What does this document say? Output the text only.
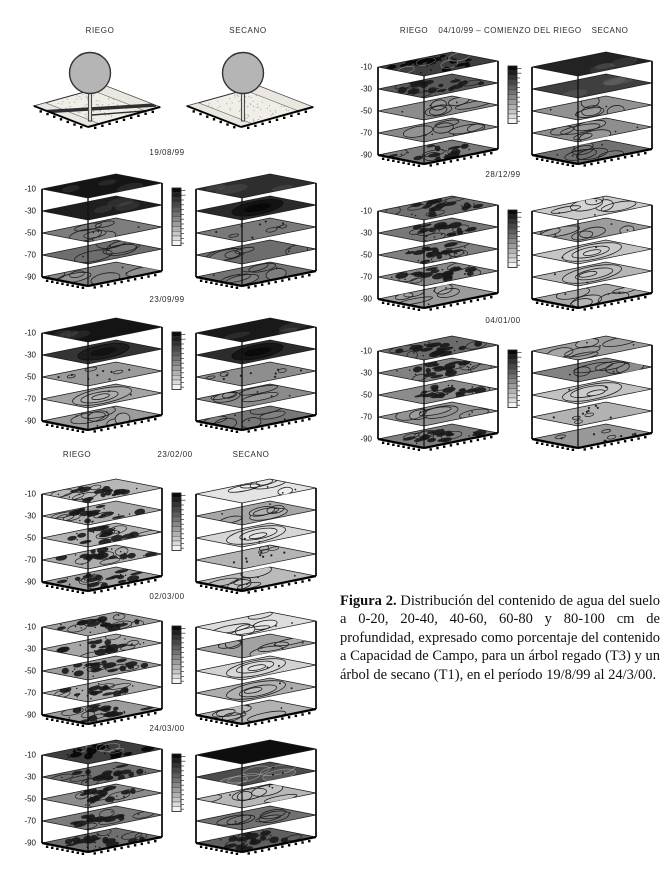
RIEGO	SECANO
19/08/99
-10
-30
-50
-70
-90
23/09/99
-10
-30
-50
-70
-90
RIEGO	23/02/00	SECANO
-10
-30
-50
-70
-90
02/03/00
-10
-30
-50
-70
-90
24/03/00
-10
-30
-50
-70
-90
RIEGO 04/10/99 – COMIENZO DEL RIEGO SECANO
-10
-30
-50
-70
-90
28/12/99
-10
-30
-50
-70
-90
04/01/00
-10
-30
-50
-70
-90

Figura 2. Distribución del contenido de agua del suelo a 0-20, 20-40, 40-60, 60-80 y 80-100 cm de profundidad, expresado como porcentaje del contenido a Capacidad de Campo, para un árbol regado (T3) y un árbol de secano (T1), en el período 19/8/99 al 24/3/00.
